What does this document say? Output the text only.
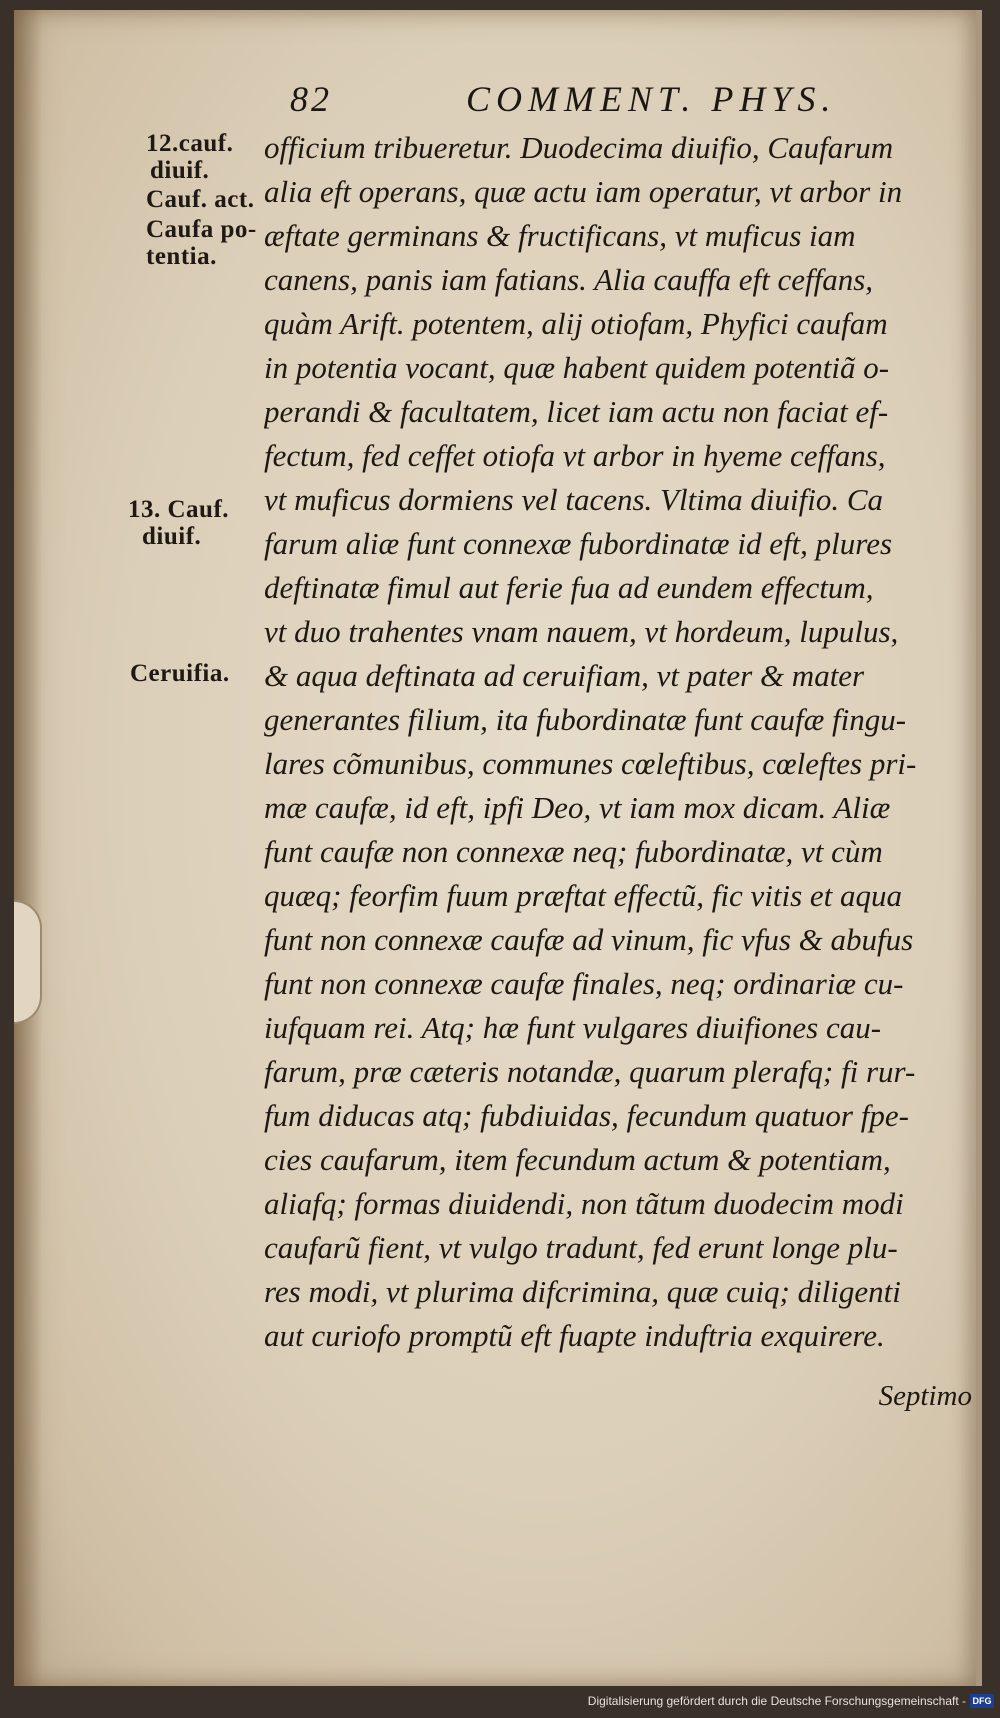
82	COMMENT. PHYS.
12.cauf.
diuif.
Cauf. act.
Caufa po-
tentia.
13. Cauf.
diuif.
Ceruifia.
officium tribueretur. Duodecima diuifio, Caufarum
alia eft operans, quæ actu iam operatur, vt arbor in
æftate germinans & fructificans, vt muficus iam
canens, panis iam fatians. Alia cauffa eft ceffans,
quàm Arift. potentem, alij otiofam, Phyfici caufam
in potentia vocant, quæ habent quidem potentiã o-
perandi & facultatem, licet iam actu non faciat ef-
fectum, fed ceffet otiofa vt arbor in hyeme ceffans,
vt muficus dormiens vel tacens. Vltima diuifio. Ca
farum aliæ funt connexæ fubordinatæ id eft, plures
deftinatæ fimul aut ferie fua ad eundem effectum,
vt duo trahentes vnam nauem, vt hordeum, lupulus,
& aqua deftinata ad ceruifiam, vt pater & mater
generantes filium, ita fubordinatæ funt caufæ fingu-
lares cõmunibus, communes cœleftibus, cœleftes pri-
mæ caufæ, id eft, ipfi Deo, vt iam mox dicam. Aliæ
funt caufæ non connexæ neq; fubordinatæ, vt cùm
quæq; feorfim fuum præftat effectũ, fic vitis et aqua
funt non connexæ caufæ ad vinum, fic vfus & abufus
funt non connexæ caufæ finales, neq; ordinariæ cu-
iufquam rei. Atq; hæ funt vulgares diuifiones cau-
farum, præ cæteris notandæ, quarum plerafq; fi rur-
fum diducas atq; fubdiuidas, fecundum quatuor fpe-
cies caufarum, item fecundum actum & potentiam,
aliafq; formas diuidendi, non tãtum duodecim modi
caufarũ fient, vt vulgo tradunt, fed erunt longe plu-
res modi, vt plurima difcrimina, quæ cuiq; diligenti
aut curiofo promptũ eft fuapte induftria exquirere.
Septimo
Digitalisierung gefördert durch die Deutsche Forschungsgemeinschaft - DFG
